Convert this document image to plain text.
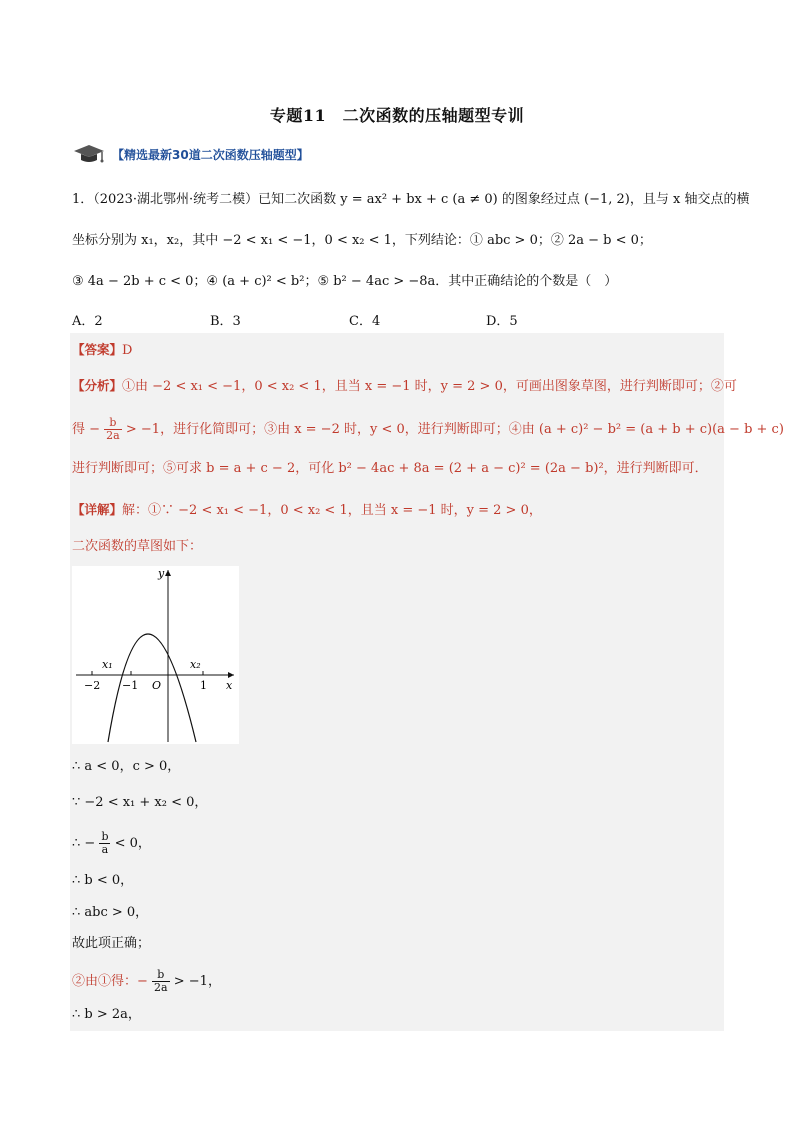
专题11　二次函数的压轴题型专训
【精选最新30道二次函数压轴题型】
1．（2023·湖北鄂州·统考二模）已知二次函数 y = ax² + bx + c (a ≠ 0) 的图象经过点 (−1, 2)，且与 x 轴交点的横
坐标分别为 x₁，x₂，其中 −2 < x₁ < −1，0 < x₂ < 1，下列结论：① abc > 0；② 2a − b < 0；
③ 4a − 2b + c < 0；④ (a + c)² < b²；⑤ b² − 4ac > −8a．其中正确结论的个数是（　）
A．2	B．3	C．4	D．5
【答案】D
【分析】①由 −2 < x₁ < −1，0 < x₂ < 1，且当 x = −1 时，y = 2 > 0，可画出图象草图，进行判断即可；②可
得 − $\frac{b}{2a} > -1$，进行化简即可；③由 x = −2 时，y < 0，进行判断即可；④由 (a + c)² − b² = (a + b + c)(a − b + c)
进行判断即可；⑤可求 b = a + c − 2，可化 b² − 4ac + 8a = (2 + a − c)² = (2a − b)²，进行判断即可．
【详解】解：①∵ −2 < x₁ < −1，0 < x₂ < 1，且当 x = −1 时，y = 2 > 0，
二次函数的草图如下：
−2 −1	1
O	x
y
x₁	x₂
∴ a < 0，c > 0，
∵ −2 < x₁ + x₂ < 0，
∴ − $\frac{b}{a} < 0$，
∴ b < 0，
∴ abc > 0，
故此项正确；
②由①得：− $\frac{b}{2a} > -1$，
∴ b > 2a，
